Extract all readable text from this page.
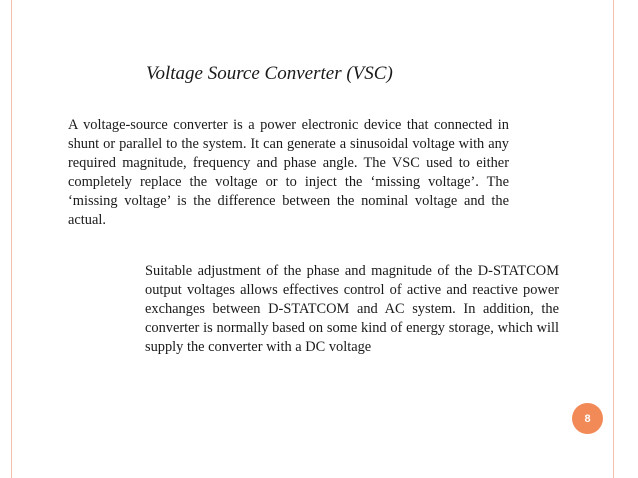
Voltage Source Converter (VSC)
A voltage-source converter is a power electronic device that connected in shunt or parallel to the system. It can generate a sinusoidal voltage with any required magnitude, frequency and phase angle. The VSC used to either completely replace the voltage or to inject the ‘missing voltage’. The ‘missing voltage’ is the difference between the nominal voltage and the actual.
Suitable adjustment of the phase and magnitude of the D-STATCOM output voltages allows effectives control of active and reactive power exchanges between D-STATCOM and AC system. In addition, the converter is normally based on some kind of energy storage, which will supply the converter with a DC voltage
8
